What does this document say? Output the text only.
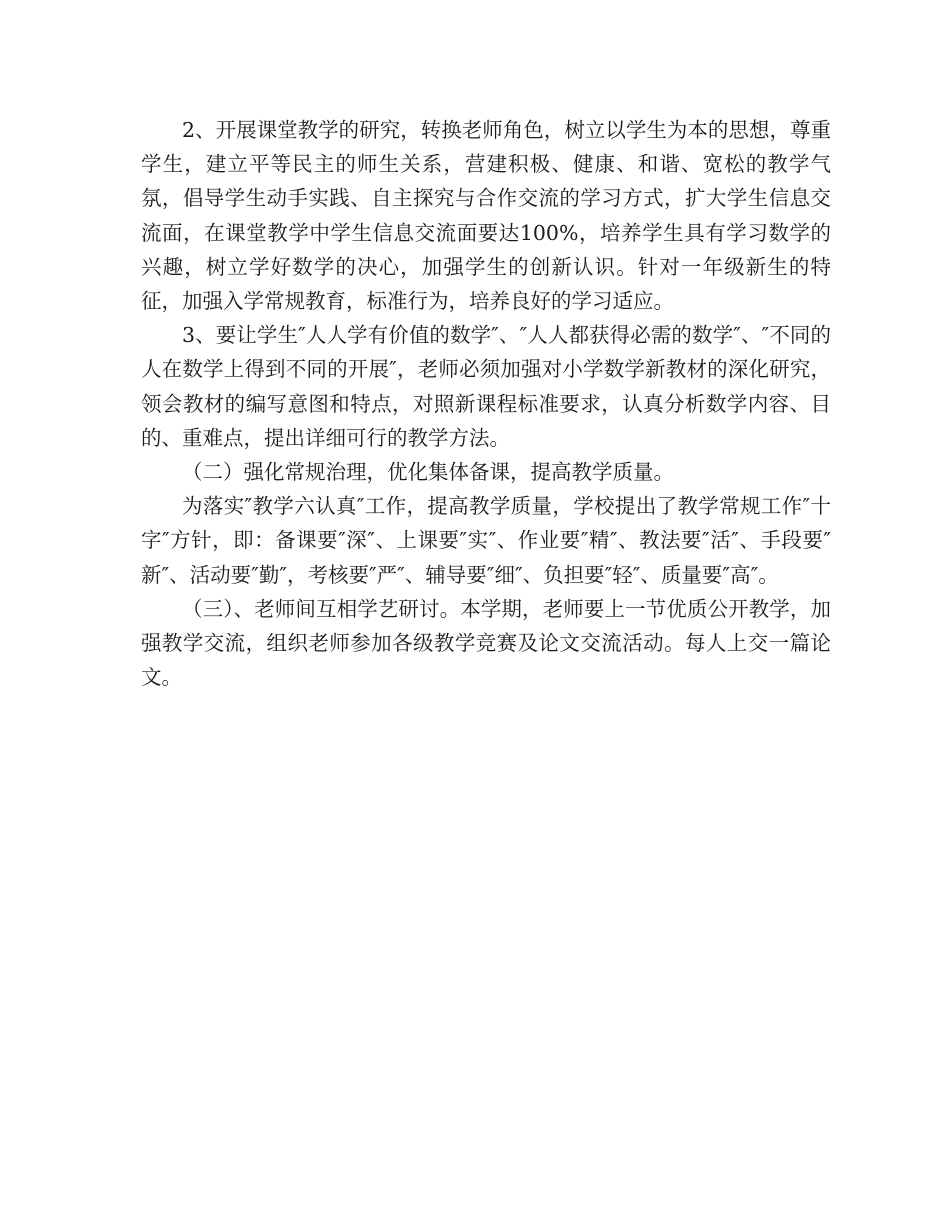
2、开展课堂教学的研究，转换老师角色，树立以学生为本的思想，尊重学生，建立平等民主的师生关系，营建积极、健康、和谐、宽松的教学气氛，倡导学生动手实践、自主探究与合作交流的学习方式，扩大学生信息交流面，在课堂教学中学生信息交流面要达100%，培养学生具有学习数学的兴趣，树立学好数学的决心，加强学生的创新认识。针对一年级新生的特征，加强入学常规教育，标准行为，培养良好的学习适应。

3、要让学生″人人学有价值的数学″、″人人都获得必需的数学″、″不同的人在数学上得到不同的开展″，老师必须加强对小学数学新教材的深化研究，领会教材的编写意图和特点，对照新课程标准要求，认真分析数学内容、目的、重难点，提出详细可行的教学方法。

（二）强化常规治理，优化集体备课，提高教学质量。

为落实″教学六认真″工作，提高教学质量，学校提出了教学常规工作″十字″方针，即：备课要″深″、上课要″实″、作业要″精″、教法要″活″、手段要″新″、活动要″勤″，考核要″严″、辅导要″细″、负担要″轻″、质量要″高″。

（三）、老师间互相学艺研讨。本学期，老师要上一节优质公开教学，加强教学交流，组织老师参加各级教学竞赛及论文交流活动。每人上交一篇论文。
